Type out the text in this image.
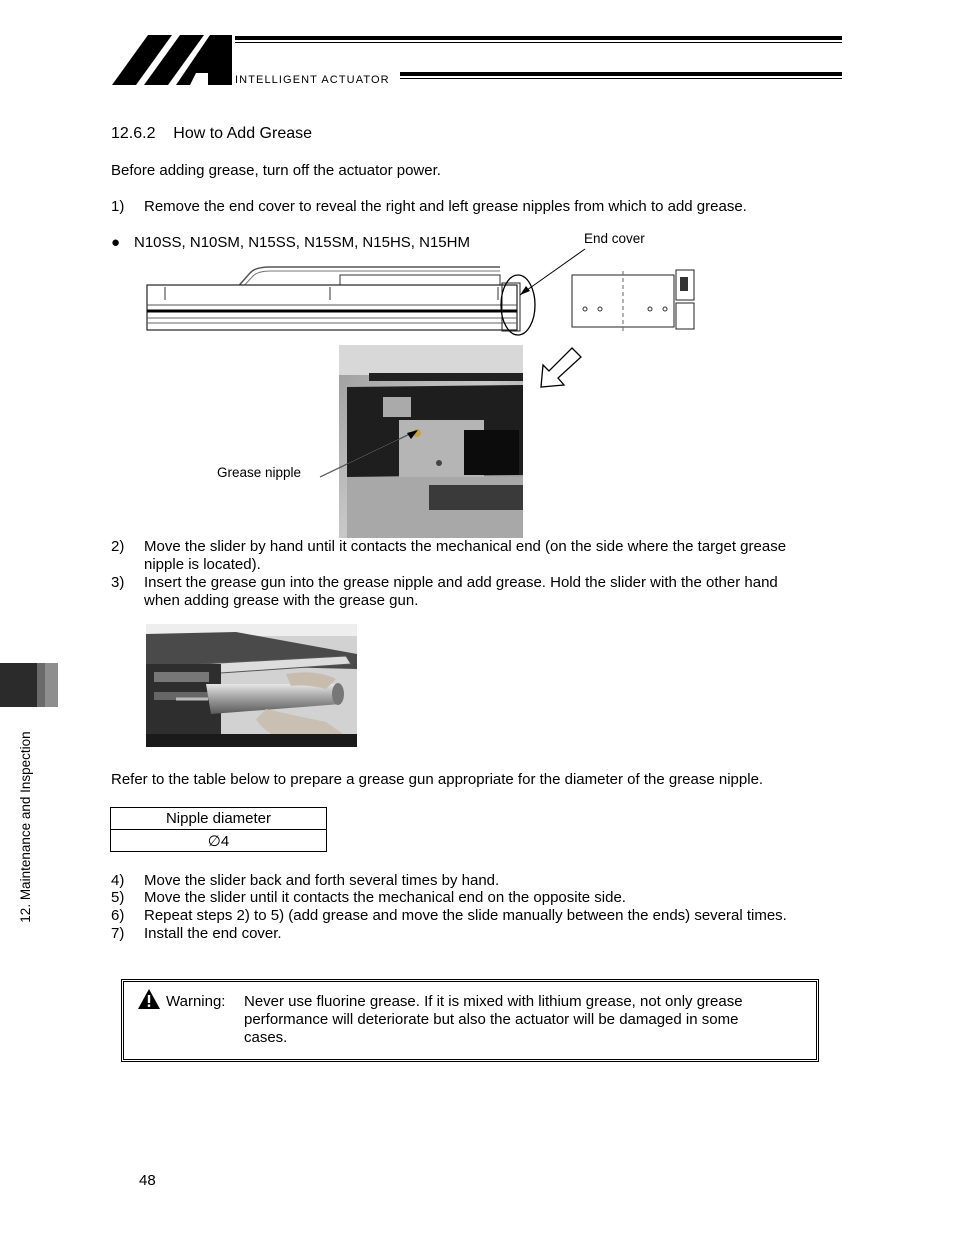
INTELLIGENT ACTUATOR
12.6.2    How to Add Grease
Before adding grease, turn off the actuator power.
1)	Remove the end cover to reveal the right and left grease nipples from which to add grease.
● N10SS, N10SM, N15SS, N15SM, N15HS, N15HM	End cover
Grease nipple
2)	Move the slider by hand until it contacts the mechanical end (on the side where the target grease
nipple is located).
3)	Insert the grease gun into the grease nipple and add grease. Hold the slider with the other hand
when adding grease with the grease gun.
Refer to the table below to prepare a grease gun appropriate for the diameter of the grease nipple.
Nipple diameter
∅4
4)	Move the slider back and forth several times by hand.
5)	Move the slider until it contacts the mechanical end on the opposite side.
6)	Repeat steps 2) to 5) (add grease and move the slide manually between the ends) several times.
7)	Install the end cover.
Warning: Never use fluorine grease. If it is mixed with lithium grease, not only grease
performance will deteriorate but also the actuator will be damaged in some
cases.
12. Maintenance and Inspection
48
